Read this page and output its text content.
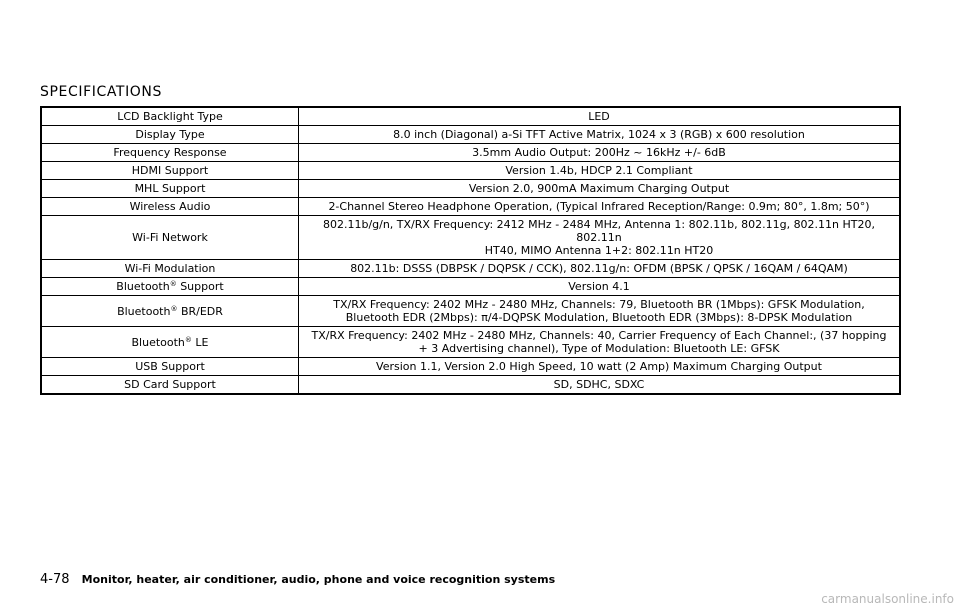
SPECIFICATIONS
LCD Backlight Type	LED
Display Type	8.0 inch (Diagonal) a-Si TFT Active Matrix, 1024 x 3 (RGB) x 600 resolution
Frequency Response	3.5mm Audio Output: 200Hz ~ 16kHz +/- 6dB
HDMI Support	Version 1.4b, HDCP 2.1 Compliant
MHL Support	Version 2.0, 900mA Maximum Charging Output
Wireless Audio	2-Channel Stereo Headphone Operation, (Typical Infrared Reception/Range: 0.9m; 80°, 1.8m; 50°)
Wi-Fi Network	802.11b/g/n, TX/RX Frequency: 2412 MHz - 2484 MHz, Antenna 1: 802.11b, 802.11g, 802.11n HT20, 802.11n
HT40, MIMO Antenna 1+2: 802.11n HT20
Wi-Fi Modulation	802.11b: DSSS (DBPSK / DQPSK / CCK), 802.11g/n: OFDM (BPSK / QPSK / 16QAM / 64QAM)
Bluetooth® Support	Version 4.1
Bluetooth® BR/EDR	TX/RX Frequency: 2402 MHz - 2480 MHz, Channels: 79, Bluetooth BR (1Mbps): GFSK Modulation,
Bluetooth EDR (2Mbps): π/4-DQPSK Modulation, Bluetooth EDR (3Mbps): 8-DPSK Modulation
Bluetooth® LE	TX/RX Frequency: 2402 MHz - 2480 MHz, Channels: 40, Carrier Frequency of Each Channel:, (37 hopping
+ 3 Advertising channel), Type of Modulation: Bluetooth LE: GFSK
USB Support	Version 1.1, Version 2.0 High Speed, 10 watt (2 Amp) Maximum Charging Output
SD Card Support	SD, SDHC, SDXC
4-78 Monitor, heater, air conditioner, audio, phone and voice recognition systems
carmanualsonline.info
